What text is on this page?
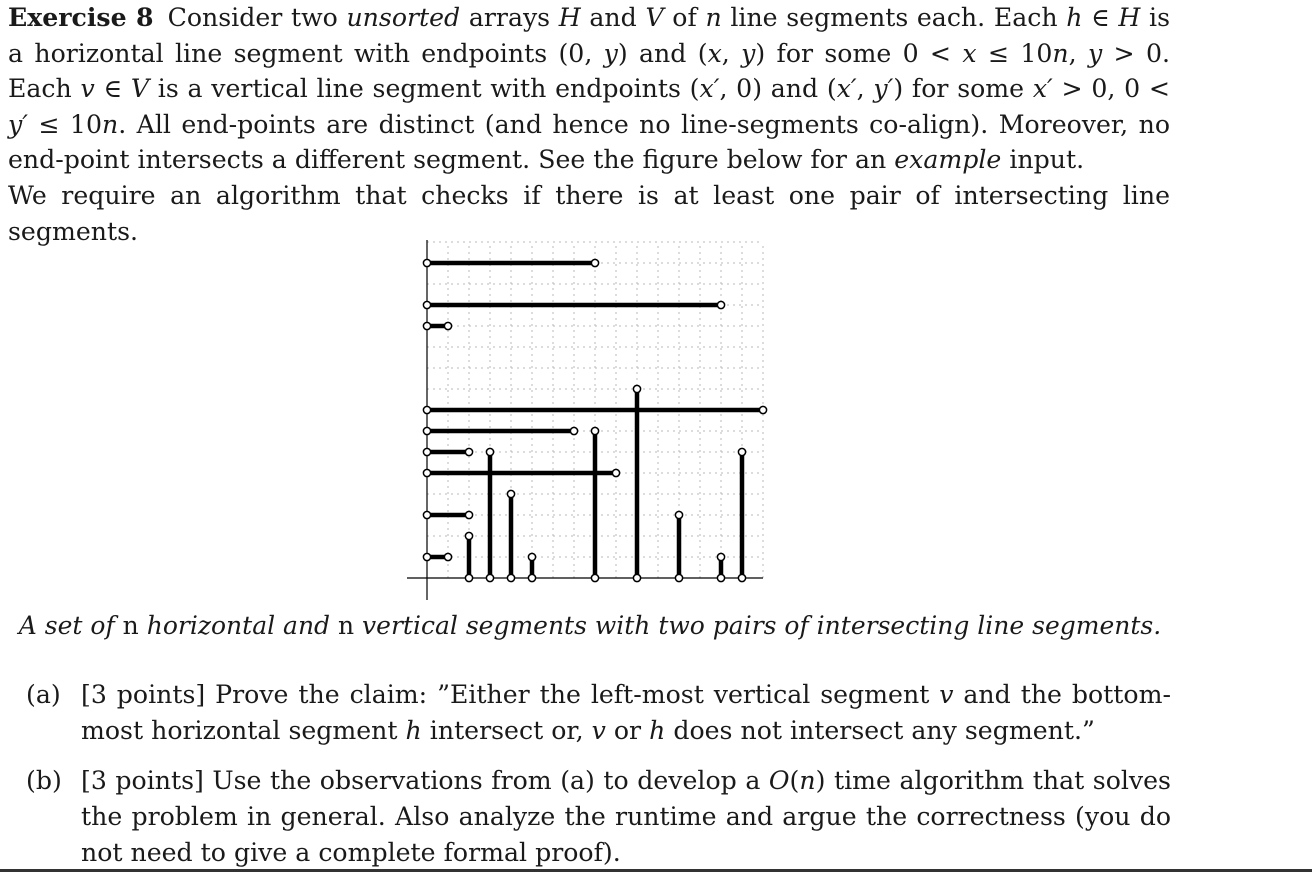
Exercise 8 Consider two unsorted arrays H and V of n line segments each. Each h ∈ H is a horizontal line segment with endpoints (0, y) and (x, y) for some 0 < x ≤ 10n, y > 0. Each v ∈ V is a vertical line segment with endpoints (x′, 0) and (x′, y′) for some x′ > 0, 0 < y′ ≤ 10n. All end-points are distinct (and hence no line-segments co-align). Moreover, no end-point intersects a different segment. See the figure below for an example input.

We require an algorithm that checks if there is at least one pair of intersecting line segments.

A set of n horizontal and n vertical segments with two pairs of intersecting line segments.
(a) [3 points] Prove the claim: ”Either the left-most vertical segment v and the bottom-most horizontal segment h intersect or, v or h does not intersect any segment.”
(b) [3 points] Use the observations from (a) to develop a O(n) time algorithm that solves the problem in general. Also analyze the runtime and argue the correctness (you do not need to give a complete formal proof).
